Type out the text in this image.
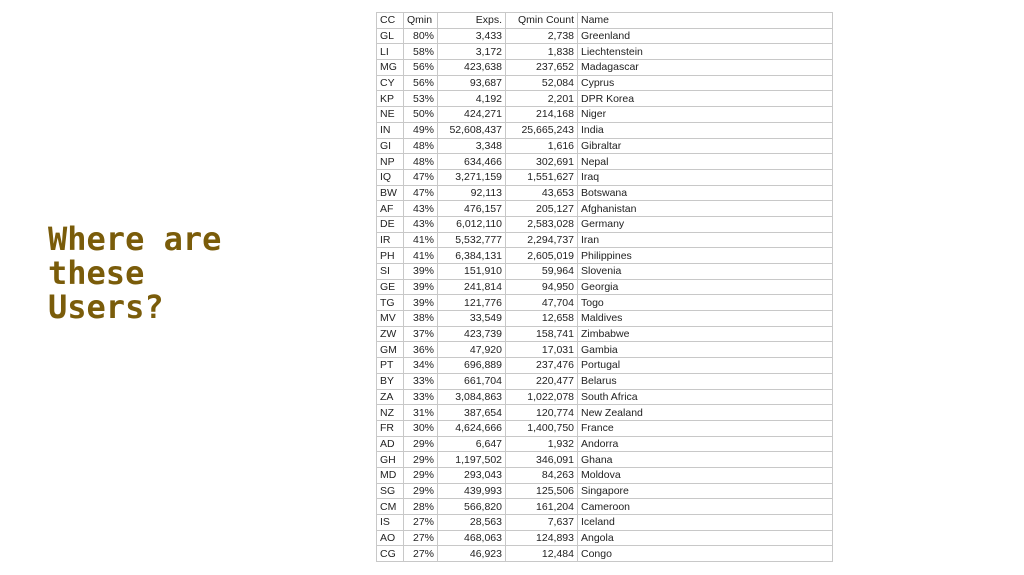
Where are
these
Users?
CC	Qmin	Exps.	Qmin Count	Name
GL	80%	3,433	2,738	Greenland
LI	58%	3,172	1,838	Liechtenstein
MG	56%	423,638	237,652	Madagascar
CY	56%	93,687	52,084	Cyprus
KP	53%	4,192	2,201	DPR Korea
NE	50%	424,271	214,168	Niger
IN	49%	52,608,437	25,665,243	India
GI	48%	3,348	1,616	Gibraltar
NP	48%	634,466	302,691	Nepal
IQ	47%	3,271,159	1,551,627	Iraq
BW	47%	92,113	43,653	Botswana
AF	43%	476,157	205,127	Afghanistan
DE	43%	6,012,110	2,583,028	Germany
IR	41%	5,532,777	2,294,737	Iran
PH	41%	6,384,131	2,605,019	Philippines
SI	39%	151,910	59,964	Slovenia
GE	39%	241,814	94,950	Georgia
TG	39%	121,776	47,704	Togo
MV	38%	33,549	12,658	Maldives
ZW	37%	423,739	158,741	Zimbabwe
GM	36%	47,920	17,031	Gambia
PT	34%	696,889	237,476	Portugal
BY	33%	661,704	220,477	Belarus
ZA	33%	3,084,863	1,022,078	South Africa
NZ	31%	387,654	120,774	New Zealand
FR	30%	4,624,666	1,400,750	France
AD	29%	6,647	1,932	Andorra
GH	29%	1,197,502	346,091	Ghana
MD	29%	293,043	84,263	Moldova
SG	29%	439,993	125,506	Singapore
CM	28%	566,820	161,204	Cameroon
IS	27%	28,563	7,637	Iceland
AO	27%	468,063	124,893	Angola
CG	27%	46,923	12,484	Congo
